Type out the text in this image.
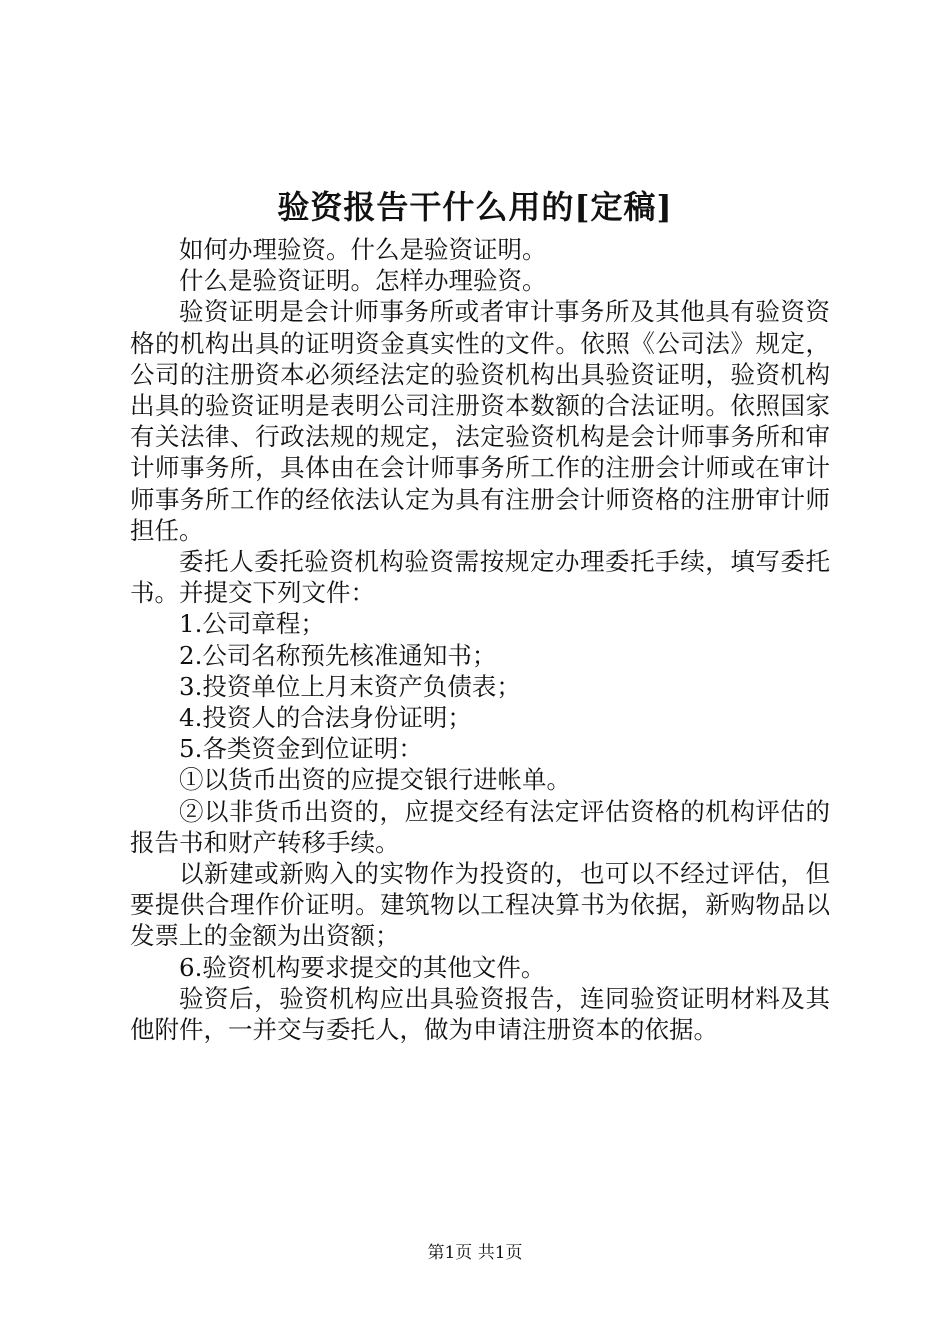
验资报告干什么用的[定稿]

如何办理验资。什么是验资证明。

什么是验资证明。怎样办理验资。

验资证明是会计师事务所或者审计事务所及其他具有验资资格的机构出具的证明资金真实性的文件。依照《公司法》规定，公司的注册资本必须经法定的验资机构出具验资证明，验资机构出具的验资证明是表明公司注册资本数额的合法证明。依照国家有关法律、行政法规的规定，法定验资机构是会计师事务所和审计师事务所，具体由在会计师事务所工作的注册会计师或在审计师事务所工作的经依法认定为具有注册会计师资格的注册审计师担任。

委托人委托验资机构验资需按规定办理委托手续，填写委托书。并提交下列文件：

1.公司章程；

2.公司名称预先核准通知书；

3.投资单位上月末资产负债表；

4.投资人的合法身份证明；

5.各类资金到位证明：

①以货币出资的应提交银行进帐单。

②以非货币出资的，应提交经有法定评估资格的机构评估的报告书和财产转移手续。

以新建或新购入的实物作为投资的，也可以不经过评估，但要提供合理作价证明。建筑物以工程决算书为依据，新购物品以发票上的金额为出资额；

6.验资机构要求提交的其他文件。

验资后，验资机构应出具验资报告，连同验资证明材料及其他附件，一并交与委托人，做为申请注册资本的依据。

第1页 共1页
